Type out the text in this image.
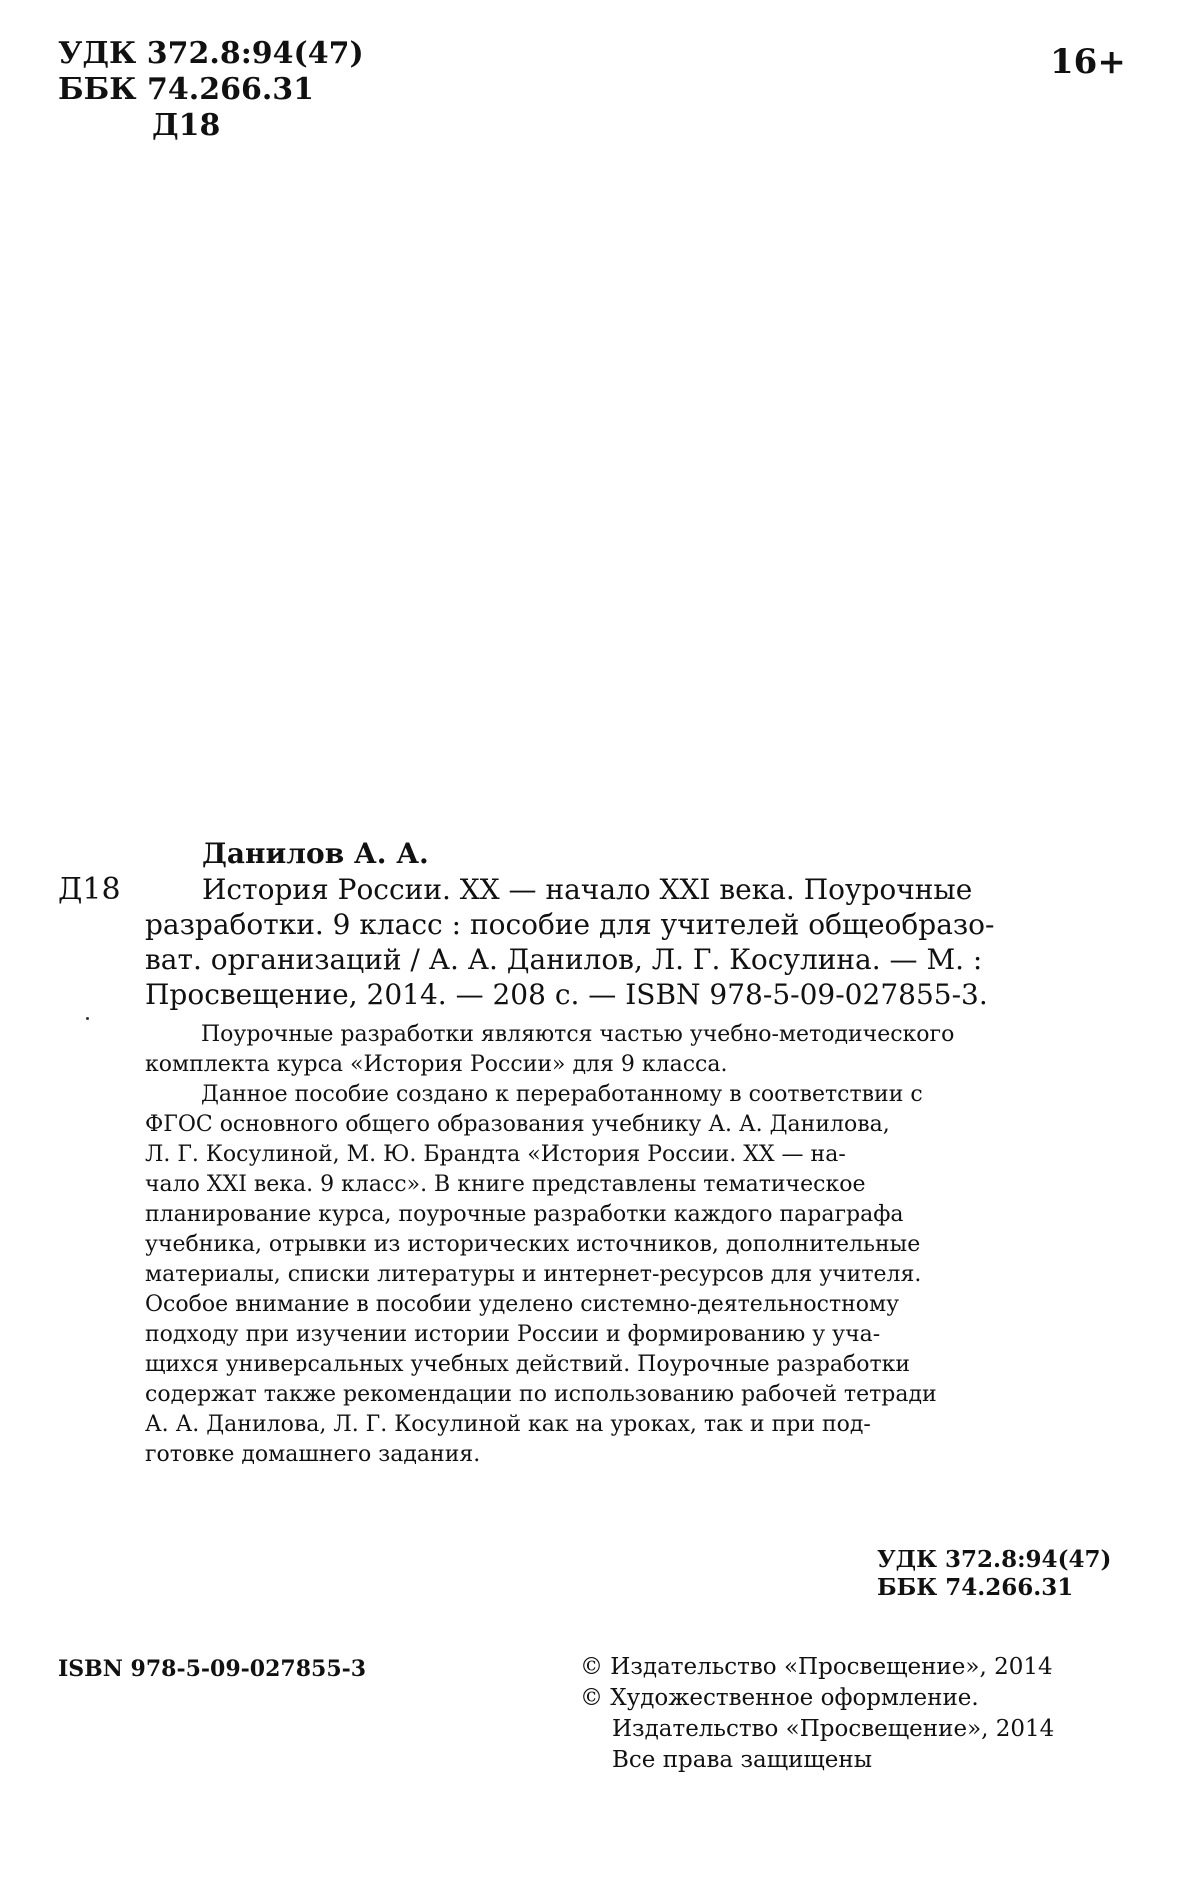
УДК 372.8:94(47)
ББК 74.266.31
Д18
16+
Данилов А. А.
Д18	История России. XX — начало XXI века. Поурочные
разработки. 9 класс : пособие для учителей общеобразо-
ват. организаций / А. А. Данилов, Л. Г. Косулина. — М. :
Просвещение, 2014. — 208 с. — ISBN 978-5-09-027855-3.
Поурочные разработки являются частью учебно-методического
комплекта курса «История России» для 9 класса.
Данное пособие создано к переработанному в соответствии с
ФГОС основного общего образования учебнику А. А. Данилова,
Л. Г. Косулиной, М. Ю. Брандта «История России. XX — на-
чало XXI века. 9 класс». В книге представлены тематическое
планирование курса, поурочные разработки каждого параграфа
учебника, отрывки из исторических источников, дополнительные
материалы, списки литературы и интернет-ресурсов для учителя.
Особое внимание в пособии уделено системно-деятельностному
подходу при изучении истории России и формированию у уча-
щихся универсальных учебных действий. Поурочные разработки
содержат также рекомендации по использованию рабочей тетради
А. А. Данилова, Л. Г. Косулиной как на уроках, так и при под-
готовке домашнего задания.
УДК 372.8:94(47)
ББК 74.266.31
ISBN 978-5-09-027855-3	© Издательство «Просвещение», 2014
© Художественное оформление.
Издательство «Просвещение», 2014
Все права защищены
